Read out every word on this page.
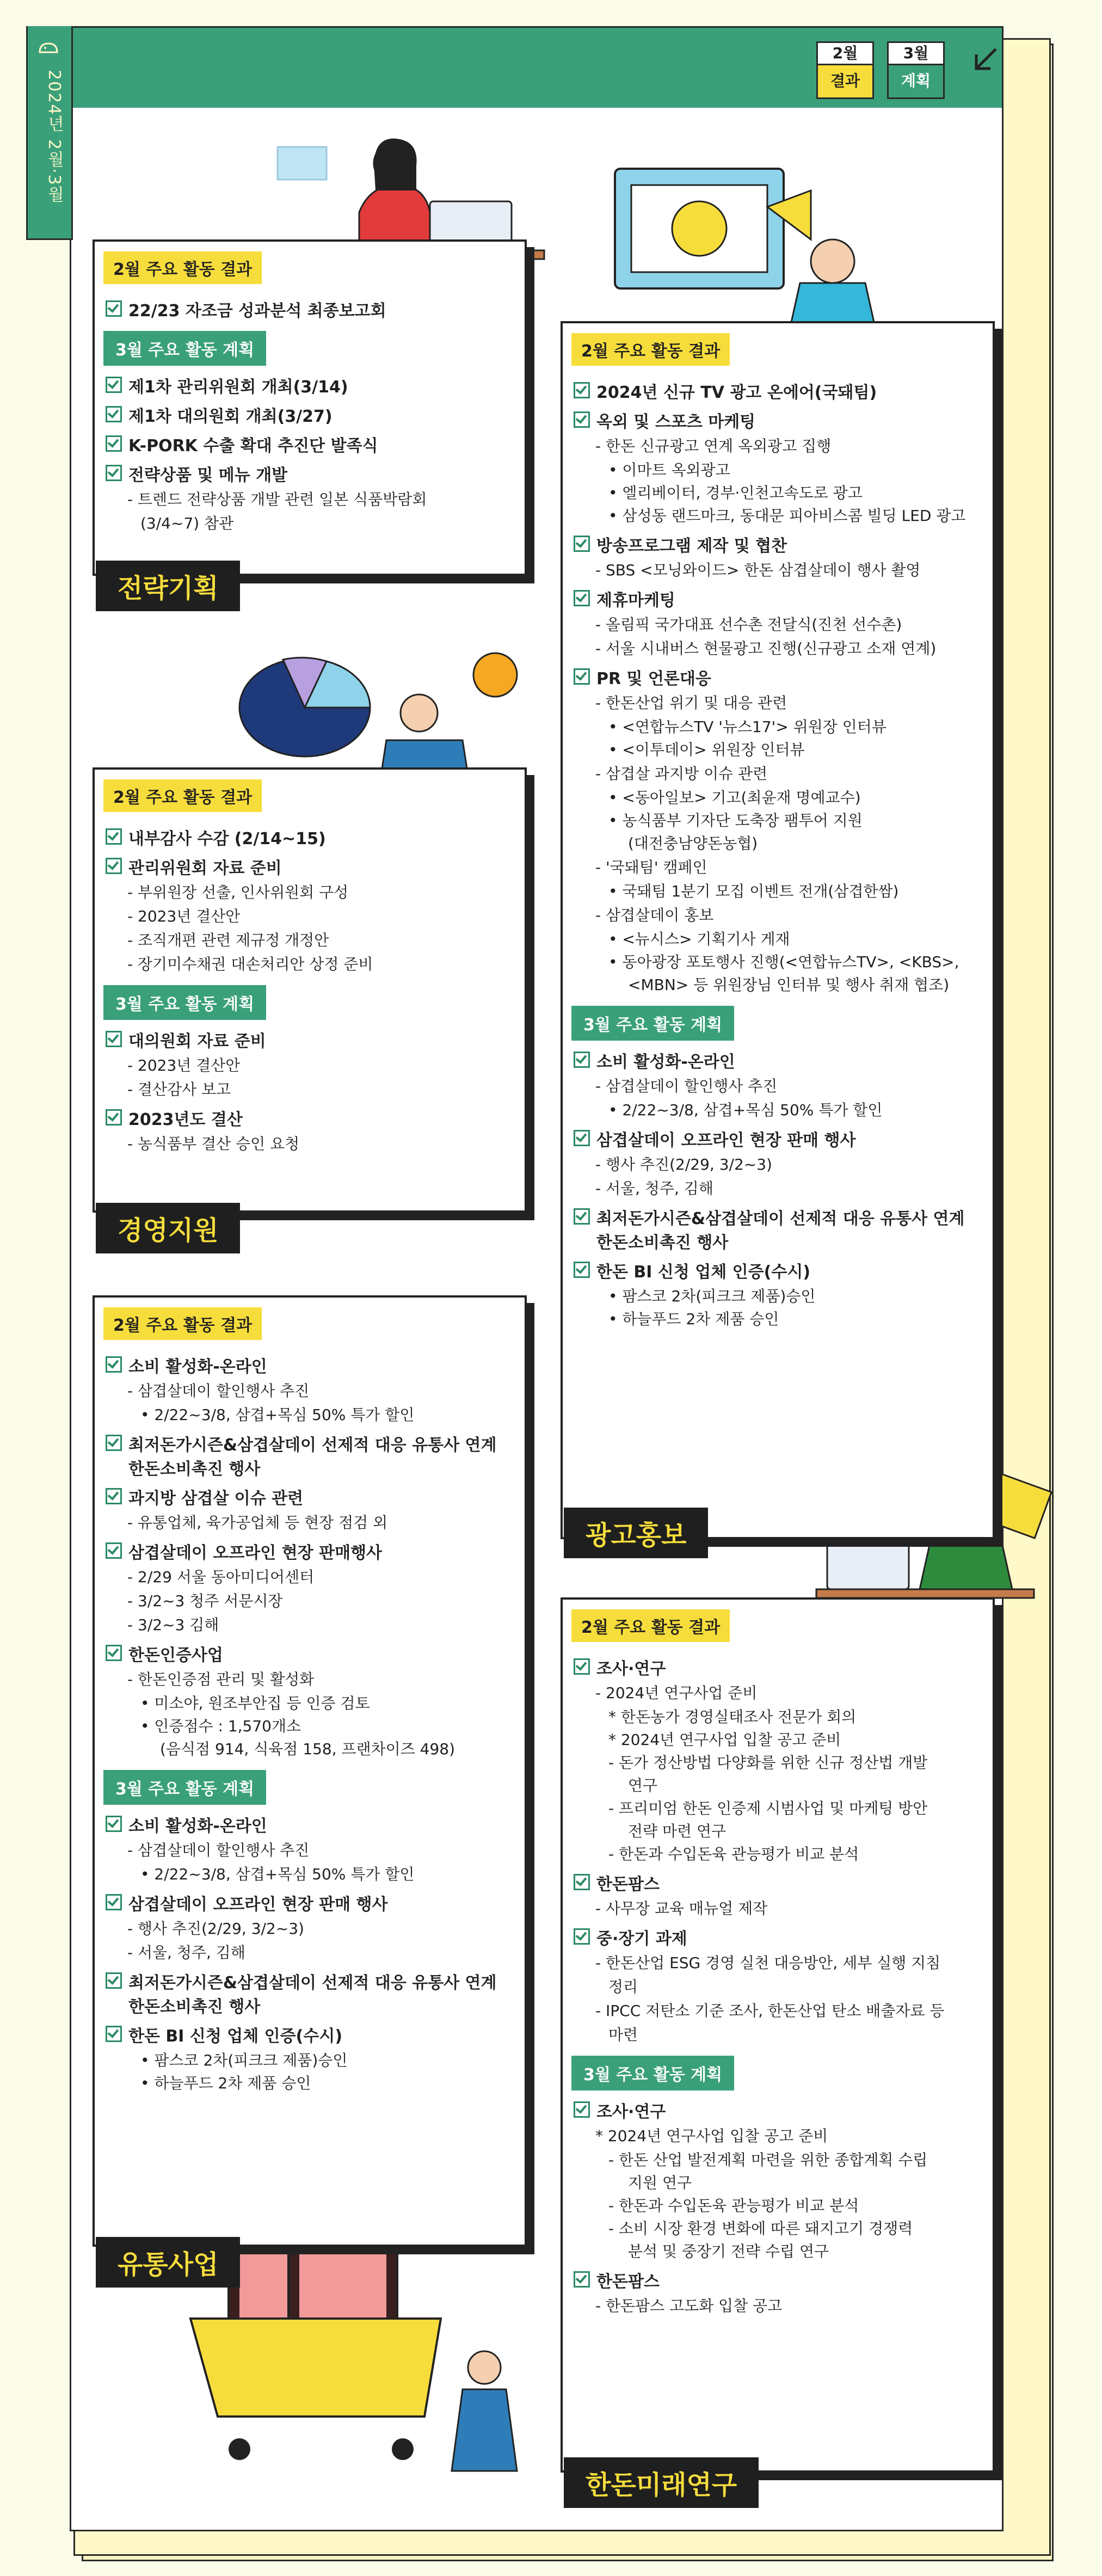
2024년 2월·3월
2월
결과
3월
계획
2월 주요 활동 결과
22/23 자조금 성과분석 최종보고회
3월 주요 활동 계획
제1차 관리위원회 개최(3/14)
제1차 대의원회 개최(3/27)
K-PORK 수출 확대 추진단 발족식
전략상품 및 메뉴 개발
- 트렌드 전략상품 개발 관련 일본 식품박람회
(3/4~7) 참관
전략기획
2월 주요 활동 결과
내부감사 수감 (2/14~15)
관리위원회 자료 준비
- 부위원장 선출, 인사위원회 구성
- 2023년 결산안
- 조직개편 관련 제규정 개정안
- 장기미수채권 대손처리안 상정 준비
3월 주요 활동 계획
대의원회 자료 준비
- 2023년 결산안
- 결산감사 보고
2023년도 결산
- 농식품부 결산 승인 요청
경영지원
2월 주요 활동 결과
소비 활성화-온라인
- 삼겹살데이 할인행사 추진
• 2/22~3/8, 삼겹+목심 50% 특가 할인
최저돈가시즌&삼겹살데이 선제적 대응 유통사 연계 한돈소비촉진 행사
과지방 삼겹살 이슈 관련
- 유통업체, 육가공업체 등 현장 점검 외
삼겹살데이 오프라인 현장 판매행사
- 2/29 서울 동아미디어센터
- 3/2~3 청주 서문시장
- 3/2~3 김해
한돈인증사업
- 한돈인증점 관리 및 활성화
• 미소야, 원조부안집 등 인증 검토
• 인증점수 : 1,570개소
(음식점 914, 식육점 158, 프랜차이즈 498)
3월 주요 활동 계획
소비 활성화-온라인
- 삼겹살데이 할인행사 추진
• 2/22~3/8, 삼겹+목심 50% 특가 할인
삼겹살데이 오프라인 현장 판매 행사
- 행사 추진(2/29, 3/2~3)
- 서울, 청주, 김해
최저돈가시즌&삼겹살데이 선제적 대응 유통사 연계 한돈소비촉진 행사
한돈 BI 신청 업체 인증(수시)
• 팜스코 2차(피크크 제품)승인
• 하늘푸드 2차 제품 승인
유통사업
2월 주요 활동 결과
2024년 신규 TV 광고 온에어(국돼팀)
옥외 및 스포츠 마케팅
- 한돈 신규광고 연계 옥외광고 집행
• 이마트 옥외광고
• 엘리베이터, 경부·인천고속도로 광고
• 삼성동 랜드마크, 동대문 피아비스콤 빌딩 LED 광고
방송프로그램 제작 및 협찬
- SBS <모닝와이드> 한돈 삼겹살데이 행사 촬영
제휴마케팅
- 올림픽 국가대표 선수촌 전달식(진천 선수촌)
- 서울 시내버스 현물광고 진행(신규광고 소재 연계)
PR 및 언론대응
- 한돈산업 위기 및 대응 관련
• <연합뉴스TV '뉴스17'> 위원장 인터뷰
• <이투데이> 위원장 인터뷰
- 삼겹살 과지방 이슈 관련
• <동아일보> 기고(최윤재 명예교수)
• 농식품부 기자단 도축장 팸투어 지원
(대전충남양돈농협)
- '국돼팀' 캠페인
• 국돼팀 1분기 모집 이벤트 전개(삼겹한쌈)
- 삼겹살데이 홍보
• <뉴시스> 기획기사 게재
• 동아광장 포토행사 진행(<연합뉴스TV>, <KBS>,
<MBN> 등 위원장님 인터뷰 및 행사 취재 협조)
3월 주요 활동 계획
소비 활성화-온라인
- 삼겹살데이 할인행사 추진
• 2/22~3/8, 삼겹+목심 50% 특가 할인
삼겹살데이 오프라인 현장 판매 행사
- 행사 추진(2/29, 3/2~3)
- 서울, 청주, 김해
최저돈가시즌&삼겹살데이 선제적 대응 유통사 연계 한돈소비촉진 행사
한돈 BI 신청 업체 인증(수시)
• 팜스코 2차(피크크 제품)승인
• 하늘푸드 2차 제품 승인
광고홍보
2월 주요 활동 결과
조사·연구
- 2024년 연구사업 준비
* 한돈농가 경영실태조사 전문가 회의
* 2024년 연구사업 입찰 공고 준비
- 돈가 정산방법 다양화를 위한 신규 정산법 개발
연구
- 프리미엄 한돈 인증제 시범사업 및 마케팅 방안
전략 마련 연구
- 한돈과 수입돈육 관능평가 비교 분석
한돈팜스
- 사무장 교육 매뉴얼 제작
중·장기 과제
- 한돈산업 ESG 경영 실천 대응방안, 세부 실행 지침
정리
- IPCC 저탄소 기준 조사, 한돈산업 탄소 배출자료 등
마련
3월 주요 활동 계획
조사·연구
* 2024년 연구사업 입찰 공고 준비
- 한돈 산업 발전계획 마련을 위한 종합계획 수립
지원 연구
- 한돈과 수입돈육 관능평가 비교 분석
- 소비 시장 환경 변화에 따른 돼지고기 경쟁력
분석 및 중장기 전략 수립 연구
한돈팜스
- 한돈팜스 고도화 입찰 공고
한돈미래연구
